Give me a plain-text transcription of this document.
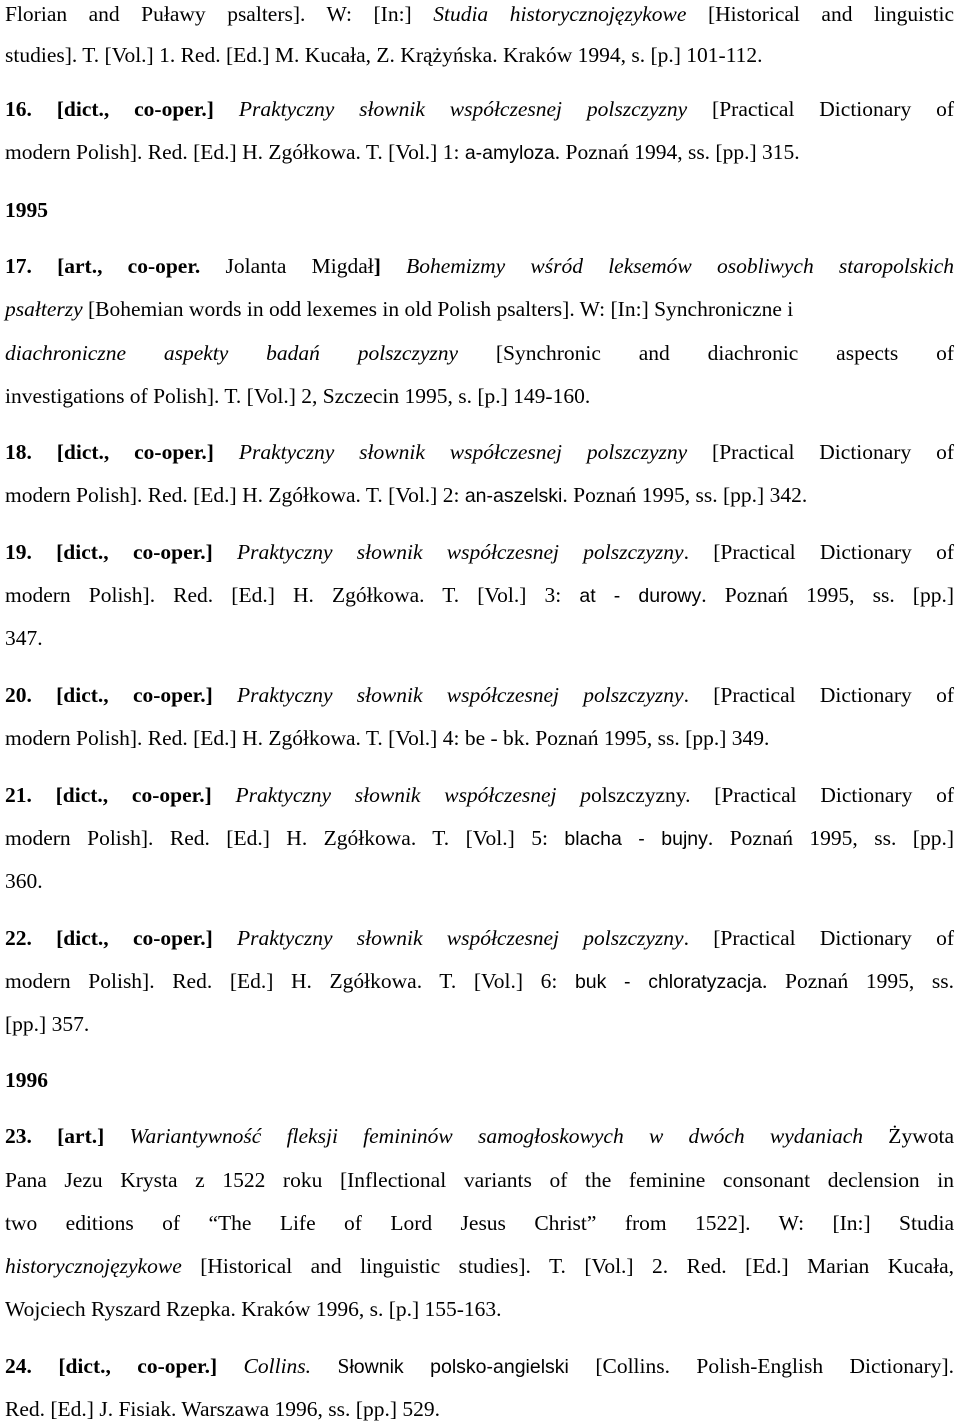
Florian and Puławy psalters]. W: [In:] Studia historycznojęzykowe [Historical and linguistic
studies]. T. [Vol.] 1. Red. [Ed.] M. Kucała, Z. Krążyńska. Kraków 1994, s. [p.] 101-112.
16. [dict., co-oper.] Praktyczny słownik współczesnej polszczyzny [Practical Dictionary of
modern Polish]. Red. [Ed.] H. Zgółkowa. T. [Vol.] 1: a-amyloza. Poznań 1994, ss. [pp.] 315.
1995
17. [art., co-oper. Jolanta Migdał] Bohemizmy wśród leksemów osobliwych staropolskich
psałterzy [Bohemian words in odd lexemes in old Polish psalters]. W: [In:] Synchroniczne i
diachroniczne aspekty badań polszczyzny [Synchronic and diachronic aspects of
investigations of Polish]. T. [Vol.] 2, Szczecin 1995, s. [p.] 149-160.
18. [dict., co-oper.] Praktyczny słownik współczesnej polszczyzny [Practical Dictionary of
modern Polish]. Red. [Ed.] H. Zgółkowa. T. [Vol.] 2: an-aszelski. Poznań 1995, ss. [pp.] 342.
19. [dict., co-oper.] Praktyczny słownik współczesnej polszczyzny. [Practical Dictionary of
modern Polish]. Red. [Ed.] H. Zgółkowa. T. [Vol.] 3: at - durowy. Poznań 1995, ss. [pp.]
347.
20. [dict., co-oper.] Praktyczny słownik współczesnej polszczyzny. [Practical Dictionary of
modern Polish]. Red. [Ed.] H. Zgółkowa. T. [Vol.] 4: be - bk. Poznań 1995, ss. [pp.] 349.
21. [dict., co-oper.] Praktyczny słownik współczesnej polszczyzny. [Practical Dictionary of
modern Polish]. Red. [Ed.] H. Zgółkowa. T. [Vol.] 5: blacha - bujny. Poznań 1995, ss. [pp.]
360.
22. [dict., co-oper.] Praktyczny słownik współczesnej polszczyzny. [Practical Dictionary of
modern Polish]. Red. [Ed.] H. Zgółkowa. T. [Vol.] 6: buk - chloratyzacja. Poznań 1995, ss.
[pp.] 357.
1996
23. [art.] Wariantywność fleksji femininów samogłoskowych w dwóch wydaniach Żywota
Pana Jezu Krysta z 1522 roku [Inflectional variants of the feminine consonant declension in
two editions of “The Life of Lord Jesus Christ” from 1522]. W: [In:] Studia
historycznojęzykowe [Historical and linguistic studies]. T. [Vol.] 2. Red. [Ed.] Marian Kucała,
Wojciech Ryszard Rzepka. Kraków 1996, s. [p.] 155-163.
24. [dict., co-oper.] Collins. Słownik polsko-angielski [Collins. Polish-English Dictionary].
Red. [Ed.] J. Fisiak. Warszawa 1996, ss. [pp.] 529.
